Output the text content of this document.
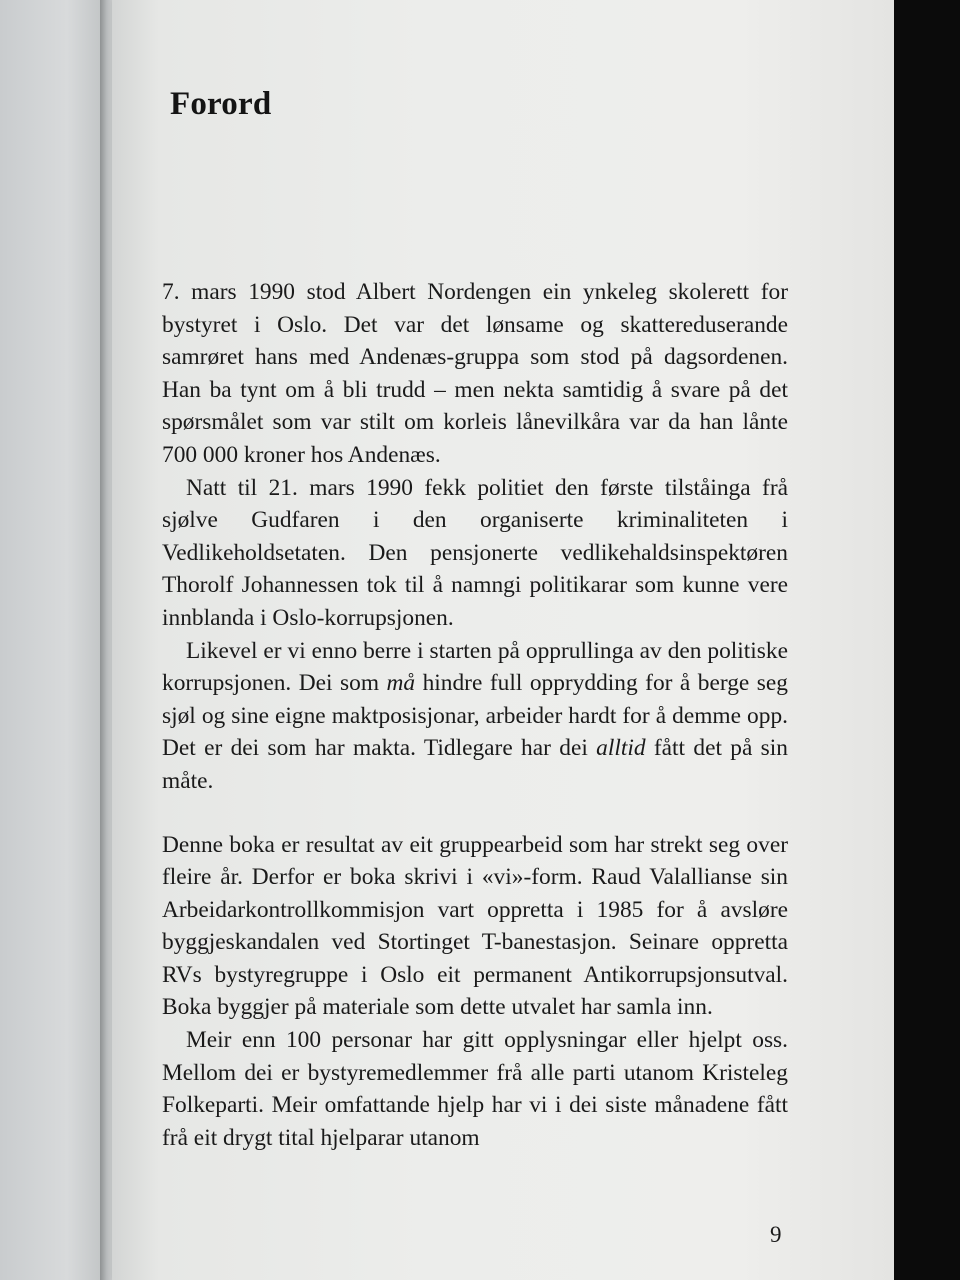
Forord

7. mars 1990 stod Albert Nordengen ein ynkeleg skolerett for bystyret i Oslo. Det var det lønsame og skattereduserande samrøret hans med Andenæs-gruppa som stod på dagsordenen. Han ba tynt om å bli trudd – men nekta samtidig å svare på det spørsmålet som var stilt om korleis lånevilkåra var da han lånte 700 000 kroner hos Andenæs.

Natt til 21. mars 1990 fekk politiet den første tilståinga frå sjølve Gudfaren i den organiserte kriminaliteten i Vedlikeholdsetaten. Den pensjonerte vedlikehaldsinspektøren Thorolf Johannessen tok til å namngi politikarar som kunne vere innblanda i Oslo-korrupsjonen.

Likevel er vi enno berre i starten på opprullinga av den politiske korrupsjonen. Dei som må hindre full opprydding for å berge seg sjøl og sine eigne maktposisjonar, arbeider hardt for å demme opp. Det er dei som har makta. Tidlegare har dei alltid fått det på sin måte.

Denne boka er resultat av eit gruppearbeid som har strekt seg over fleire år. Derfor er boka skrivi i «vi»-form. Raud Valallianse sin Arbeidarkontrollkommisjon vart oppretta i 1985 for å avsløre byggjeskandalen ved Stortinget T-banestasjon. Seinare oppretta RVs bystyregruppe i Oslo eit permanent Antikorrupsjonsutval. Boka byggjer på materiale som dette utvalet har samla inn.

Meir enn 100 personar har gitt opplysningar eller hjelpt oss. Mellom dei er bystyremedlemmer frå alle parti utanom Kristeleg Folkeparti. Meir omfattande hjelp har vi i dei siste månadene fått frå eit drygt tital hjelparar utanom

9
